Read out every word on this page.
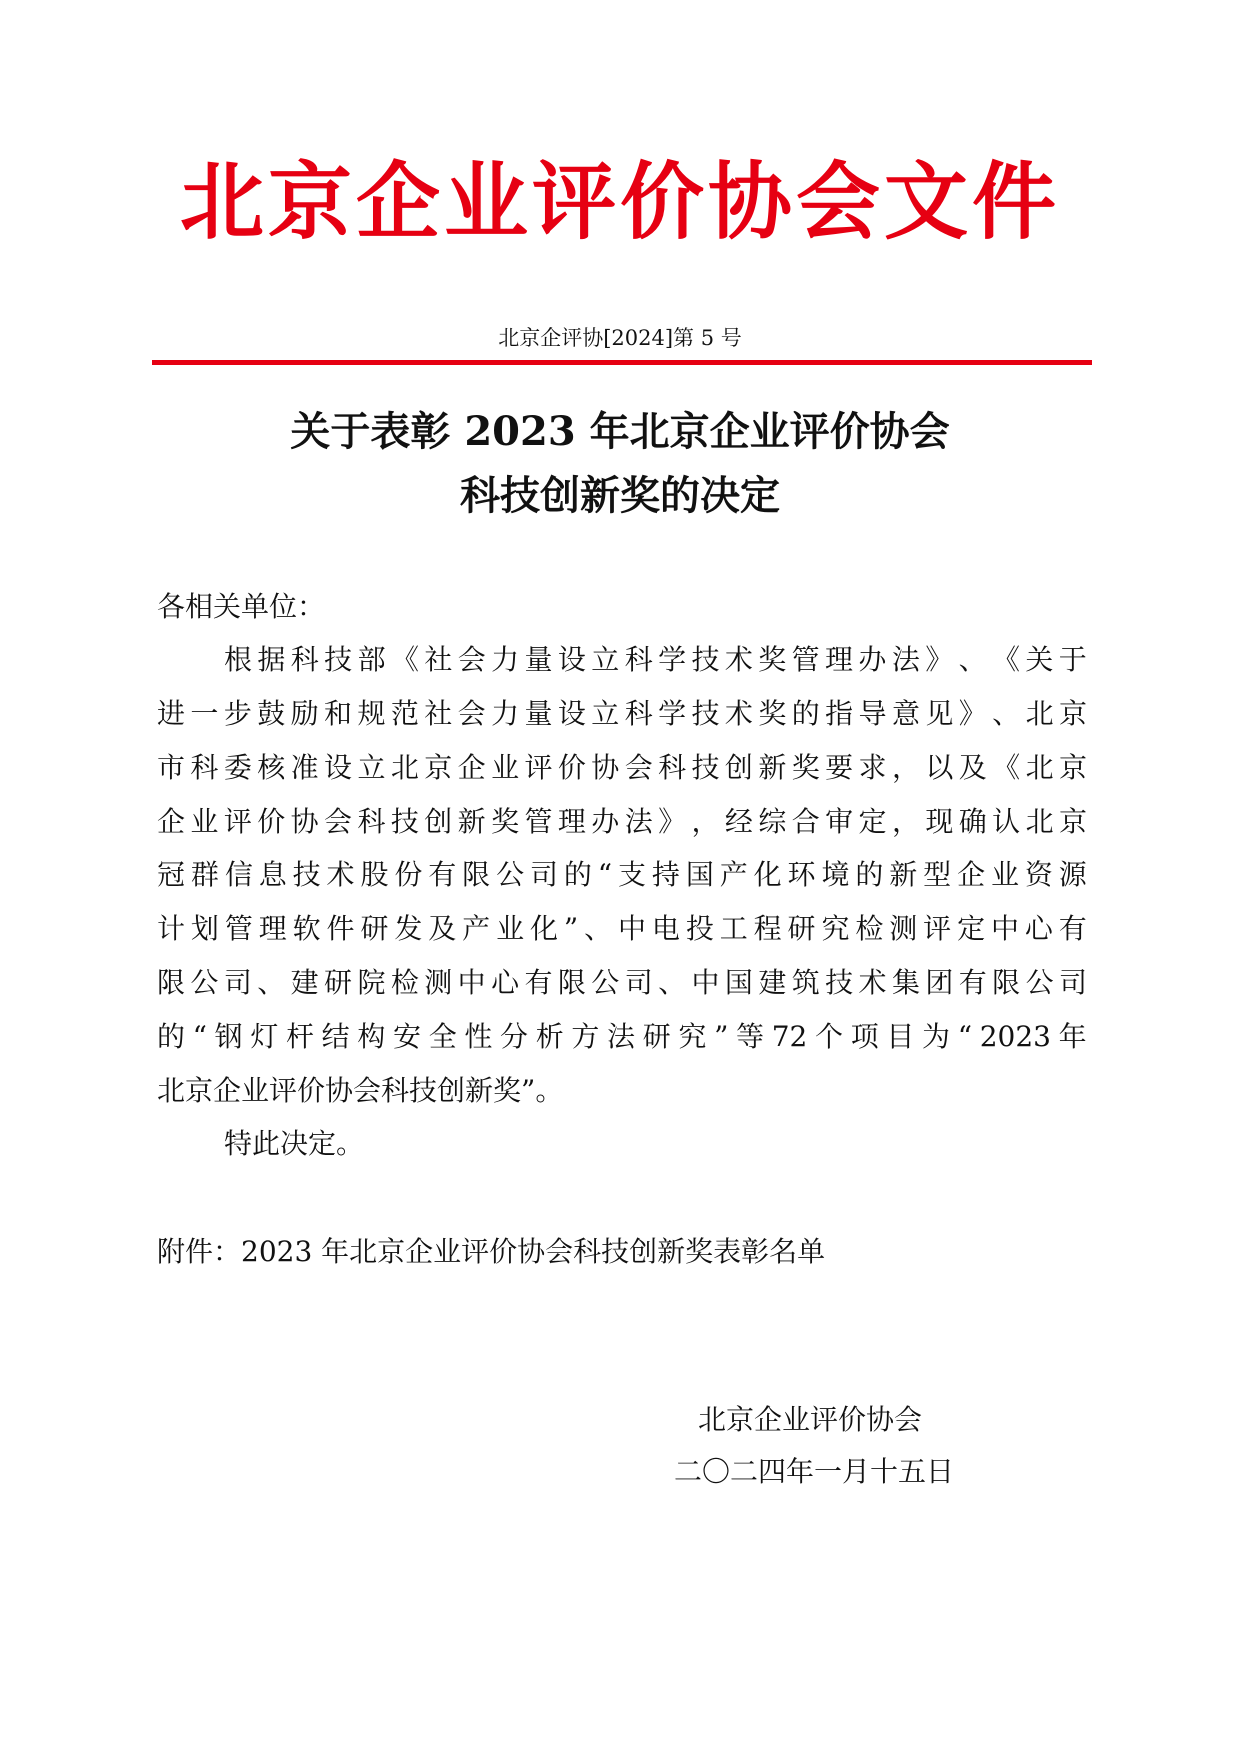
北京企业评价协会文件
北京企评协[2024]第 5 号
关于表彰 2023 年北京企业评价协会
科技创新奖的决定
各相关单位：
根 据 科 技 部 《 社 会 力 量 设 立 科 学 技 术 奖 管 理 办 法 》 、 《 关 于
进 一 步 鼓 励 和 规 范 社 会 力 量 设 立 科 学 技 术 奖 的 指 导 意 见 》 、 北 京
市 科 委 核 准 设 立 北 京 企 业 评 价 协 会 科 技 创 新 奖 要 求 ， 以 及 《 北 京
企 业 评 价 协 会 科 技 创 新 奖 管 理 办 法 》 ， 经 综 合 审 定 ， 现 确 认 北 京
冠 群 信 息 技 术 股 份 有 限 公 司 的 “ 支 持 国 产 化 环 境 的 新 型 企 业 资 源
计 划 管 理 软 件 研 发 及 产 业 化 ” 、 中 电 投 工 程 研 究 检 测 评 定 中 心 有
限 公 司 、 建 研 院 检 测 中 心 有 限 公 司 、 中 国 建 筑 技 术 集 团 有 限 公 司
的 “ 钢 灯 杆 结 构 安 全 性 分 析 方 法 研 究 ” 等 72 个 项 目 为 “ 2023 年
北京企业评价协会科技创新奖”。
特此决定。
附件：2023 年北京企业评价协会科技创新奖表彰名单
北京企业评价协会
二〇二四年一月十五日
